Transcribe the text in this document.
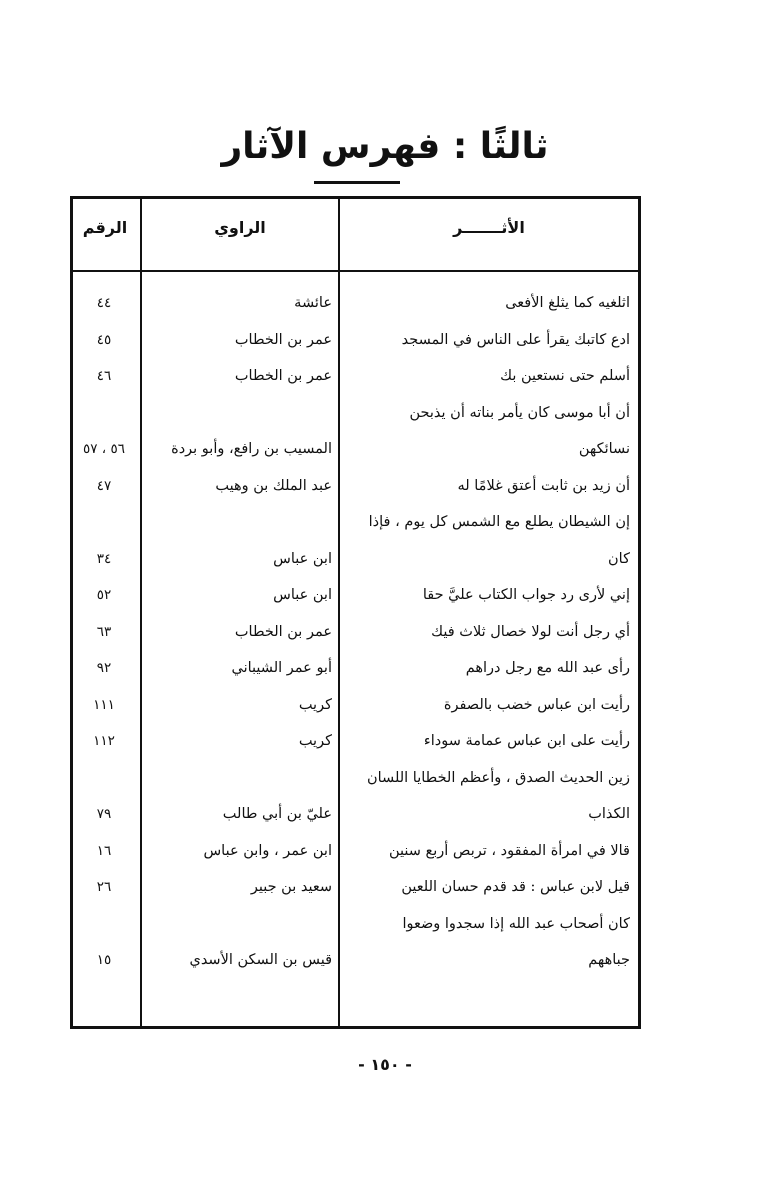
ثالثًا : فهرس الآثار
الأثـــــــر
الراوي
الرقم
اثلغيه كما يثلغ الأفعى
عائشة
٤٤
ادع كاتبك يقرأ على الناس في المسجد
عمر بن الخطاب
٤٥
أسلم حتى نستعين بك
عمر بن الخطاب
٤٦
أن أبا موسى كان يأمر بناته أن يذبحن
نسائكهن
المسيب بن رافع، وأبو بردة
٥٦ ، ٥٧
أن زيد بن ثابت أعتق غلامًا له
عبد الملك بن وهيب
٤٧
إن الشيطان يطلع مع الشمس كل يوم ، فإذا
كان
ابن عباس
٣٤
إني لأرى رد جواب الكتاب عليَّ حقا
ابن عباس
٥٢
أي رجل أنت لولا خصال ثلاث فيك
عمر بن الخطاب
٦٣
رأى عبد الله مع رجل دراهم
أبو عمر الشيباني
٩٢
رأيت ابن عباس خضب بالصفرة
كريب
١١١
رأيت على ابن عباس عمامة سوداء
كريب
١١٢
زين الحديث الصدق ، وأعظم الخطايا اللسان
الكذاب
عليّ بن أبي طالب
٧٩
قالا في امرأة المفقود ، تربص أربع سنين
ابن عمر ، وابن عباس
١٦
قيل لابن عباس : قد قدم حسان اللعين
سعيد بن جبير
٢٦
كان أصحاب عبد الله إذا سجدوا وضعوا
جباههم
قيس بن السكن الأسدي
١٥
- ١٥٠ -
